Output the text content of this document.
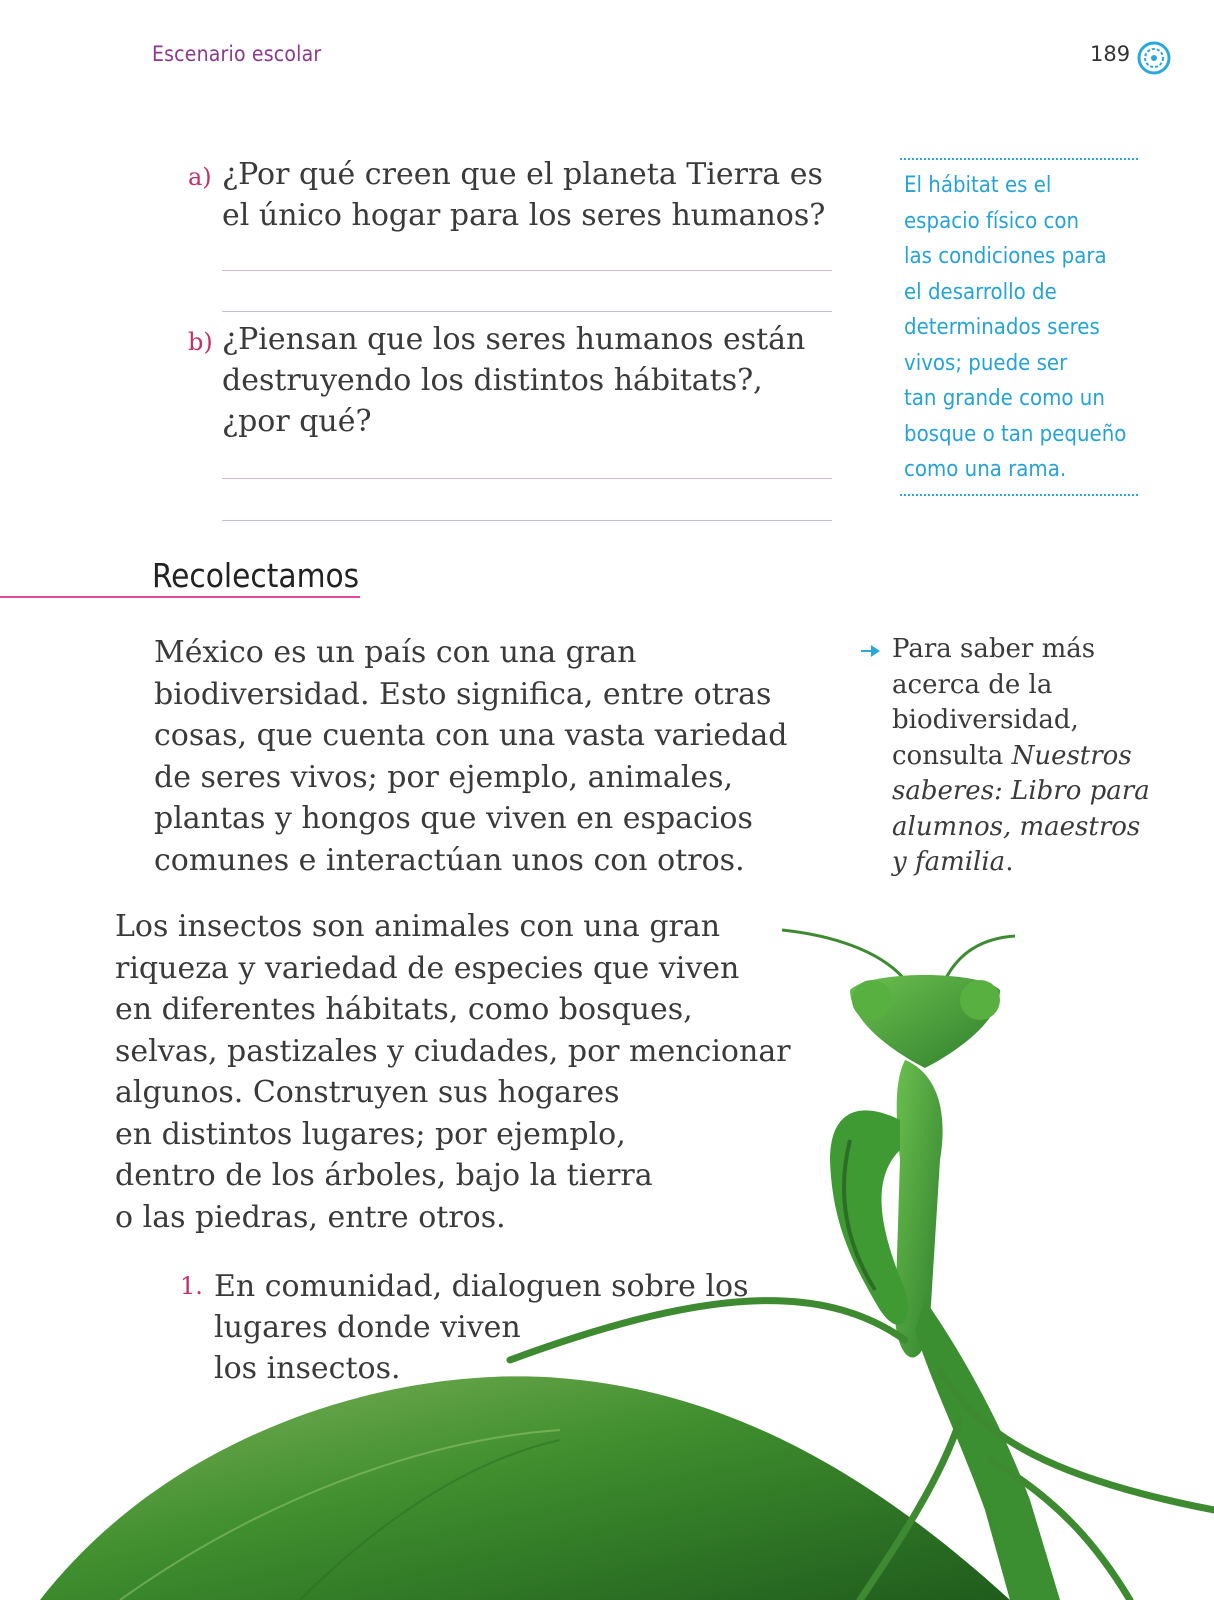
Escenario escolar	189
a) ¿Por qué creen que el planeta Tierra es
el único hogar para los seres humanos?
b) ¿Piensan que los seres humanos están
destruyendo los distintos hábitats?,
¿por qué?
El hábitat es el
espacio físico con
las condiciones para
el desarrollo de
determinados seres
vivos; puede ser
tan grande como un
bosque o tan pequeño
como una rama.
Recolectamos
México es un país con una gran
biodiversidad. Esto significa, entre otras
cosas, que cuenta con una vasta variedad
de seres vivos; por ejemplo, animales,
plantas y hongos que viven en espacios
comunes e interactúan unos con otros.
Para saber más
acerca de la
biodiversidad,
consulta Nuestros
saberes: Libro para
alumnos, maestros
y familia.
Los insectos son animales con una gran
riqueza y variedad de especies que viven
en diferentes hábitats, como bosques,
selvas, pastizales y ciudades, por mencionar
algunos. Construyen sus hogares
en distintos lugares; por ejemplo,
dentro de los árboles, bajo la tierra
o las piedras, entre otros.
1. En comunidad, dialoguen sobre los
lugares donde viven
los insectos.
